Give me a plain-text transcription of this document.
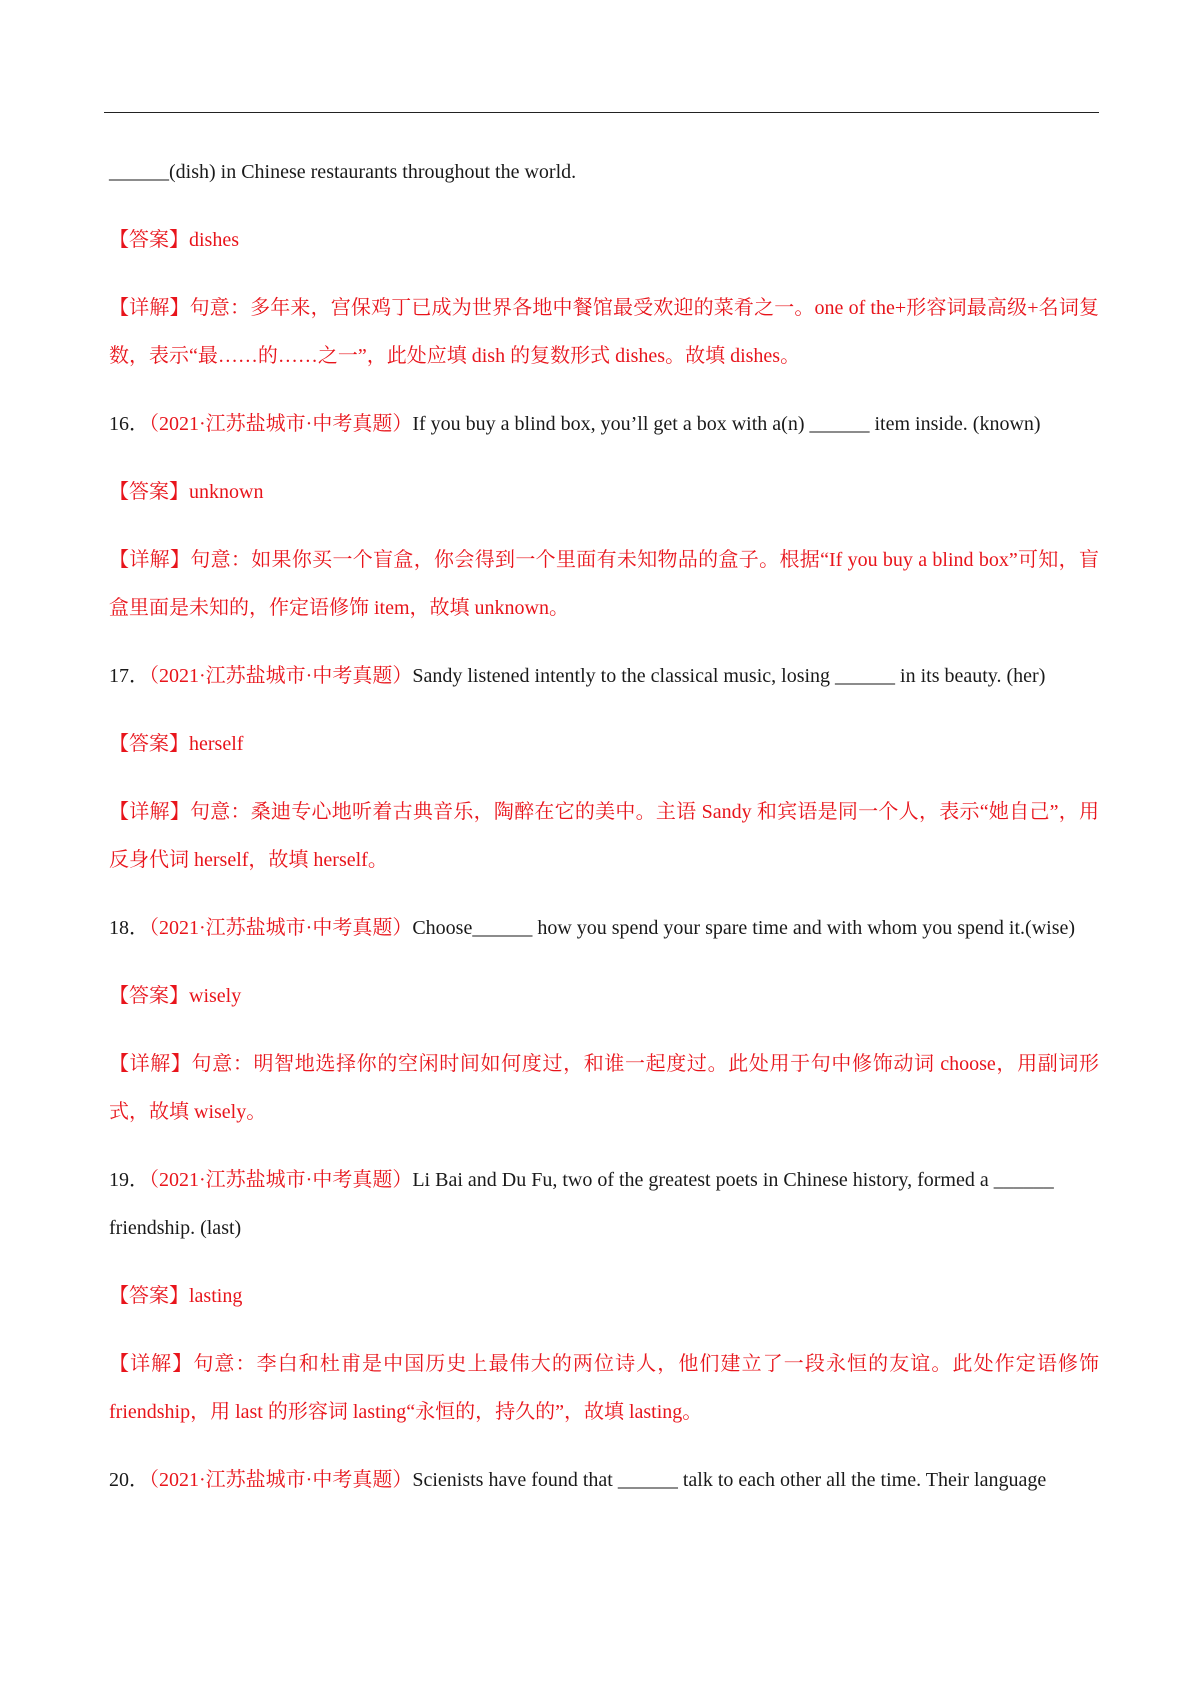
______(dish) in Chinese restaurants throughout the world.

【答案】dishes

【详解】句意：多年来，宫保鸡丁已成为世界各地中餐馆最受欢迎的菜肴之一。one of the+形容词最高级+名词复数，表示“最……的……之一”，此处应填 dish 的复数形式 dishes。故填 dishes。

16．（2021·江苏盐城市·中考真题）If you buy a blind box, you’ll get a box with a(n) ______ item inside. (known)

【答案】unknown

【详解】句意：如果你买一个盲盒，你会得到一个里面有未知物品的盒子。根据“If you buy a blind box”可知，盲盒里面是未知的，作定语修饰 item，故填 unknown。

17．（2021·江苏盐城市·中考真题）Sandy listened intently to the classical music, losing ______ in its beauty. (her)

【答案】herself

【详解】句意：桑迪专心地听着古典音乐，陶醉在它的美中。主语 Sandy 和宾语是同一个人，表示“她自己”，用反身代词 herself，故填 herself。

18．（2021·江苏盐城市·中考真题）Choose______ how you spend your spare time and with whom you spend it.(wise)

【答案】wisely

【详解】句意：明智地选择你的空闲时间如何度过，和谁一起度过。此处用于句中修饰动词 choose，用副词形式，故填 wisely。

19．（2021·江苏盐城市·中考真题）Li Bai and Du Fu, two of the greatest poets in Chinese history, formed a ______ friendship. (last)

【答案】lasting

【详解】句意：李白和杜甫是中国历史上最伟大的两位诗人，他们建立了一段永恒的友谊。此处作定语修饰 friendship，用 last 的形容词 lasting“永恒的，持久的”，故填 lasting。

20．（2021·江苏盐城市·中考真题）Scienists have found that ______ talk to each other all the time. Their language
